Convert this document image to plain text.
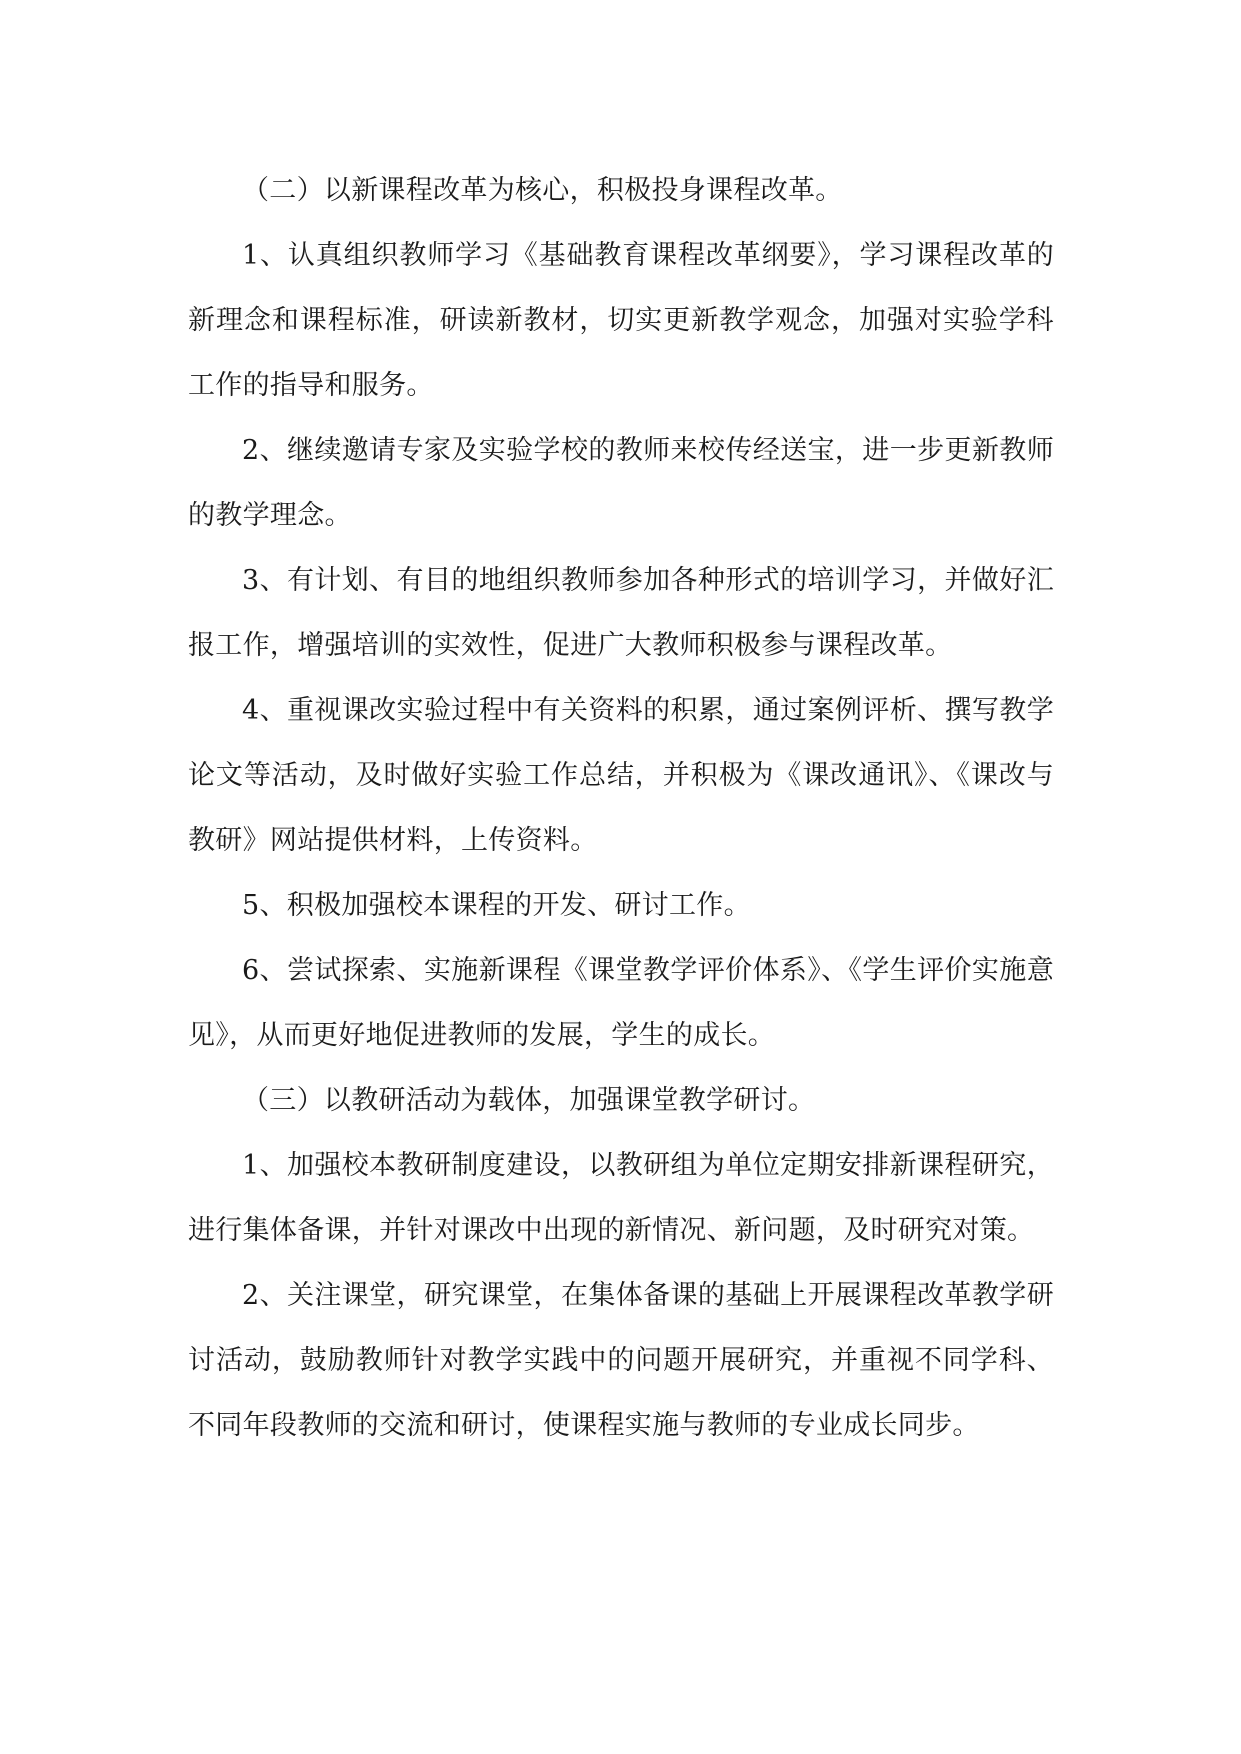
（二）以新课程改革为核心，积极投身课程改革。

1、认真组织教师学习《基础教育课程改革纲要》，学习课程改革的新理念和课程标准，研读新教材，切实更新教学观念，加强对实验学科工作的指导和服务。

2、继续邀请专家及实验学校的教师来校传经送宝，进一步更新教师的教学理念。

3、有计划、有目的地组织教师参加各种形式的培训学习，并做好汇报工作，增强培训的实效性，促进广大教师积极参与课程改革。

4、重视课改实验过程中有关资料的积累，通过案例评析、撰写教学论文等活动，及时做好实验工作总结，并积极为《课改通讯》、《课改与教研》网站提供材料，上传资料。

5、积极加强校本课程的开发、研讨工作。

6、尝试探索、实施新课程《课堂教学评价体系》、《学生评价实施意见》，从而更好地促进教师的发展，学生的成长。

（三）以教研活动为载体，加强课堂教学研讨。

1、加强校本教研制度建设，以教研组为单位定期安排新课程研究，进行集体备课，并针对课改中出现的新情况、新问题，及时研究对策。

2、关注课堂，研究课堂，在集体备课的基础上开展课程改革教学研讨活动，鼓励教师针对教学实践中的问题开展研究，并重视不同学科、不同年段教师的交流和研讨，使课程实施与教师的专业成长同步。
